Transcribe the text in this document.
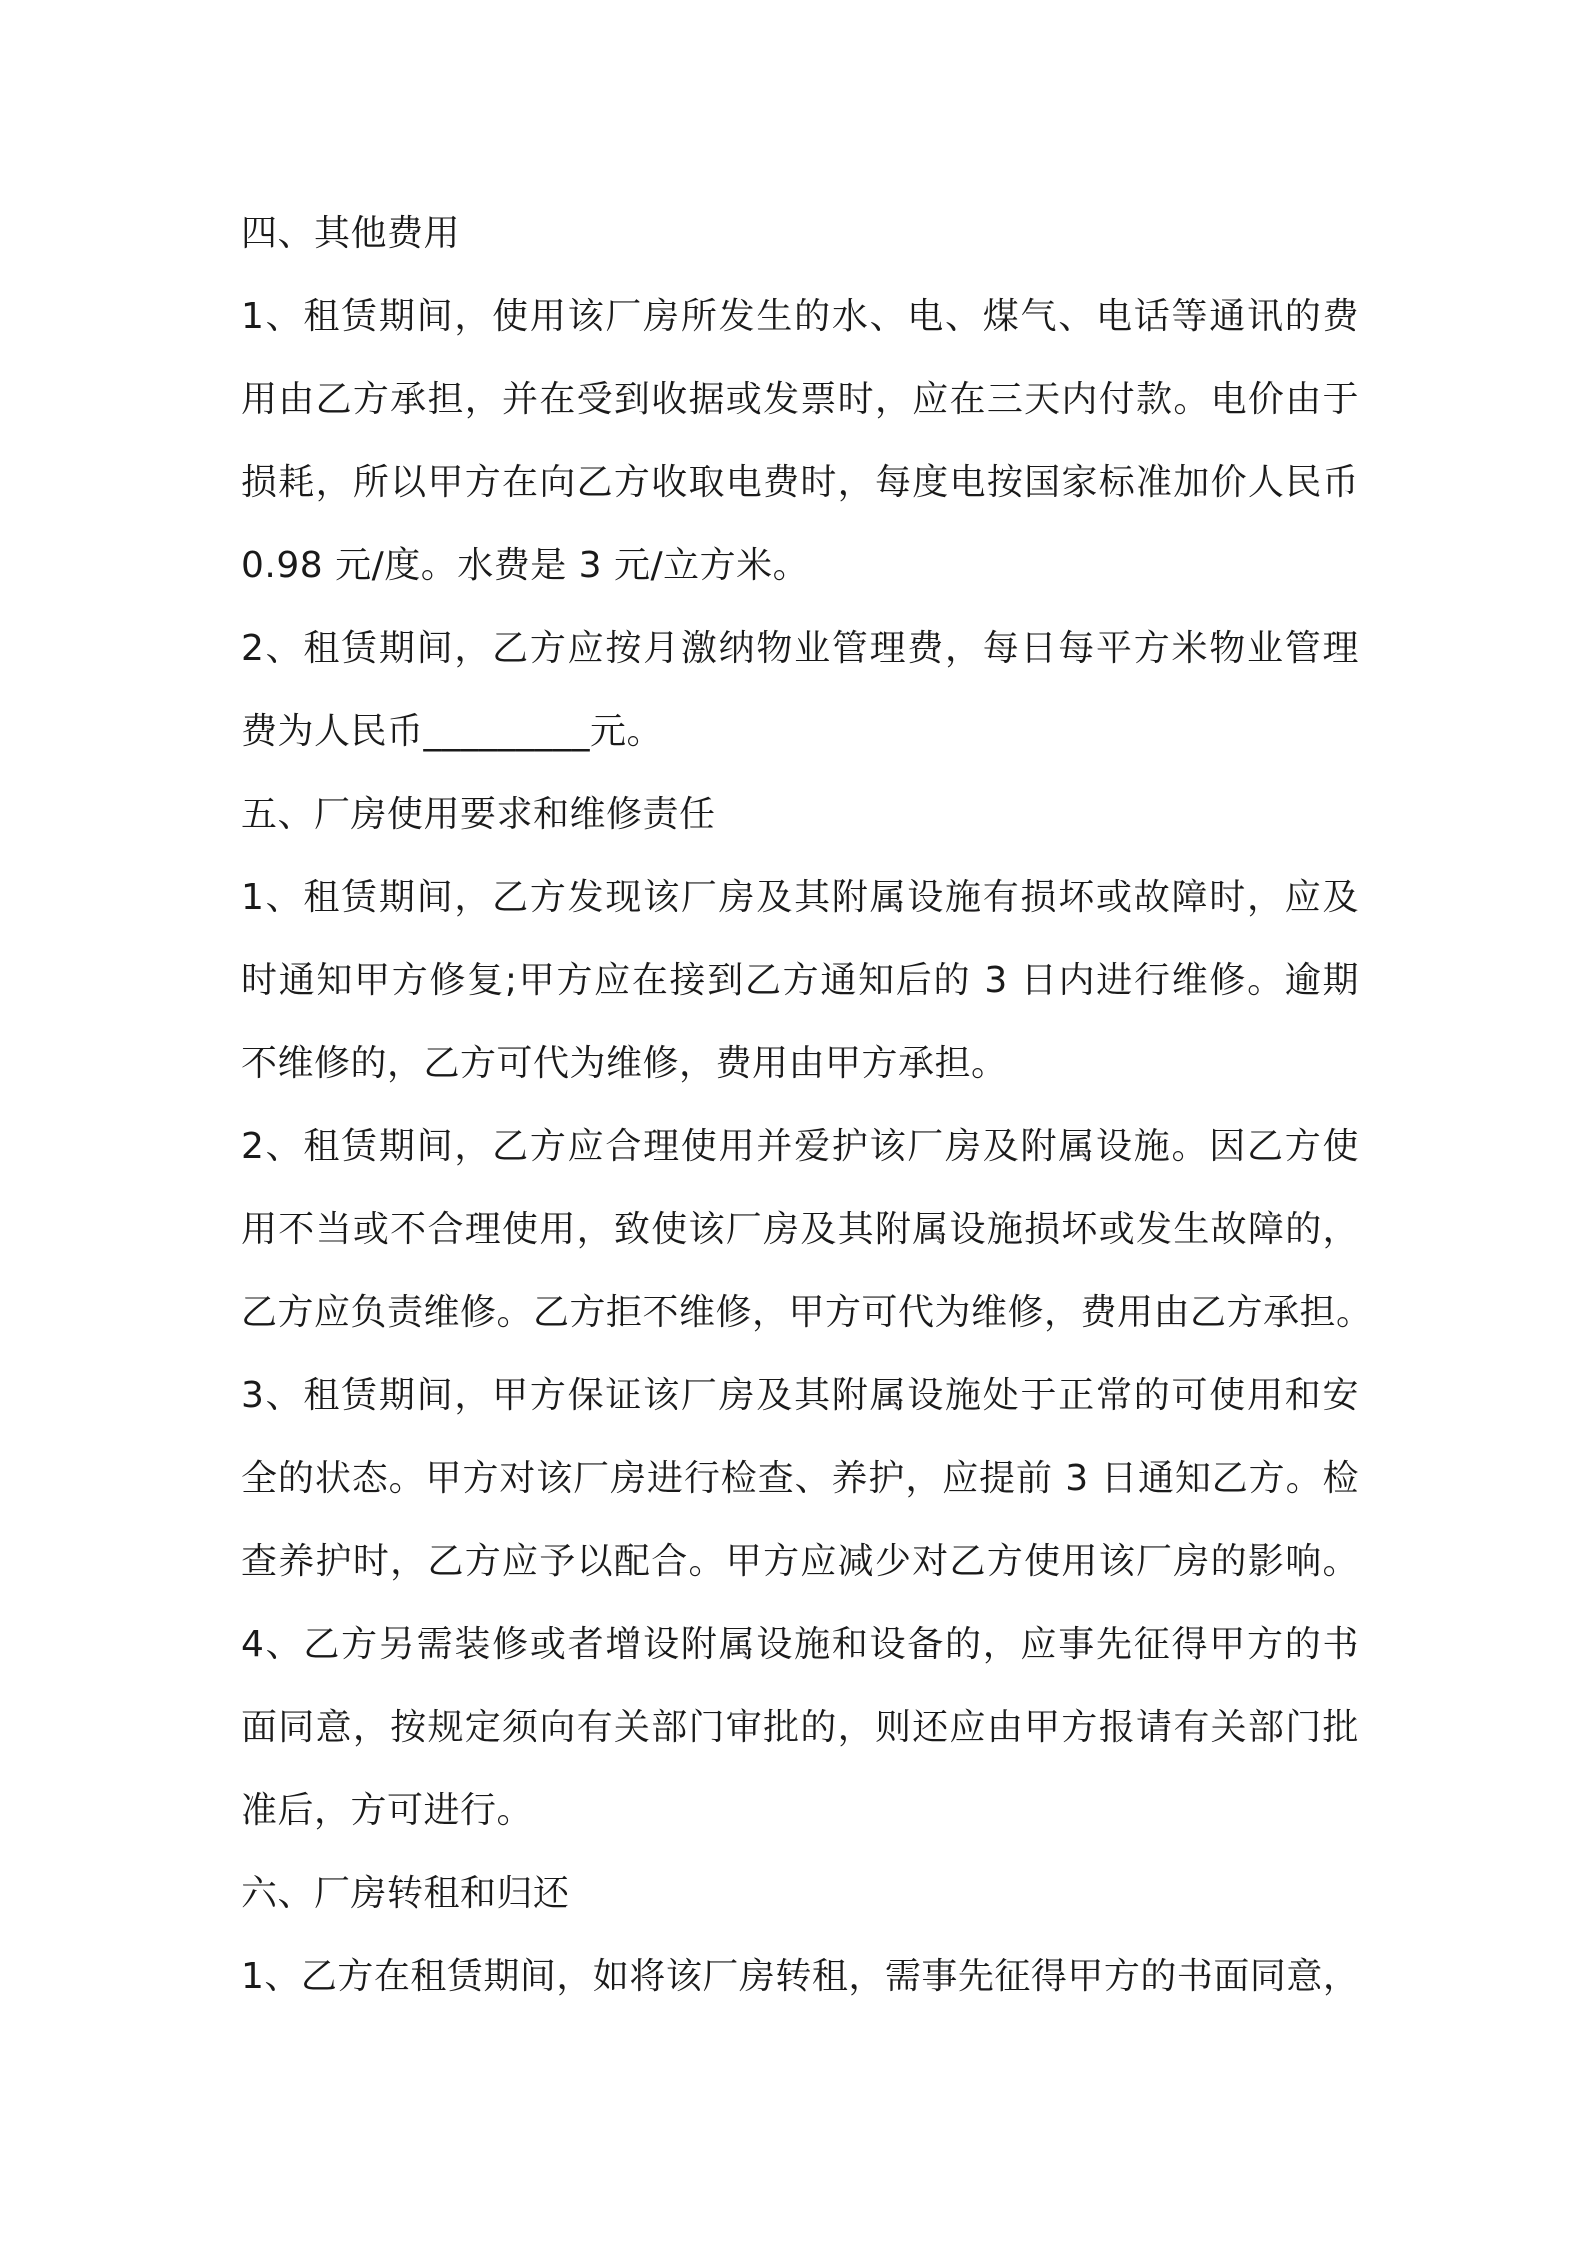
四、其他费用
1、租赁期间，使用该厂房所发生的水、电、煤气、电话等通讯的费
用由乙方承担，并在受到收据或发票时，应在三天内付款。电价由于
损耗，所以甲方在向乙方收取电费时，每度电按国家标准加价人民币
0.98 元/度。水费是 3 元/立方米。
2、租赁期间，乙方应按月激纳物业管理费，每日每平方米物业管理
费为人民币_________元。
五、厂房使用要求和维修责任
1、租赁期间，乙方发现该厂房及其附属设施有损坏或故障时，应及
时通知甲方修复;甲方应在接到乙方通知后的 3 日内进行维修。逾期
不维修的，乙方可代为维修，费用由甲方承担。
2、租赁期间，乙方应合理使用并爱护该厂房及附属设施。因乙方使
用不当或不合理使用，致使该厂房及其附属设施损坏或发生故障的，
乙方应负责维修。乙方拒不维修，甲方可代为维修，费用由乙方承担。
3、租赁期间，甲方保证该厂房及其附属设施处于正常的可使用和安
全的状态。甲方对该厂房进行检查、养护，应提前 3 日通知乙方。检
查养护时，乙方应予以配合。甲方应减少对乙方使用该厂房的影响。
4、乙方另需装修或者增设附属设施和设备的，应事先征得甲方的书
面同意，按规定须向有关部门审批的，则还应由甲方报请有关部门批
准后，方可进行。
六、厂房转租和归还
1、乙方在租赁期间，如将该厂房转租，需事先征得甲方的书面同意，
